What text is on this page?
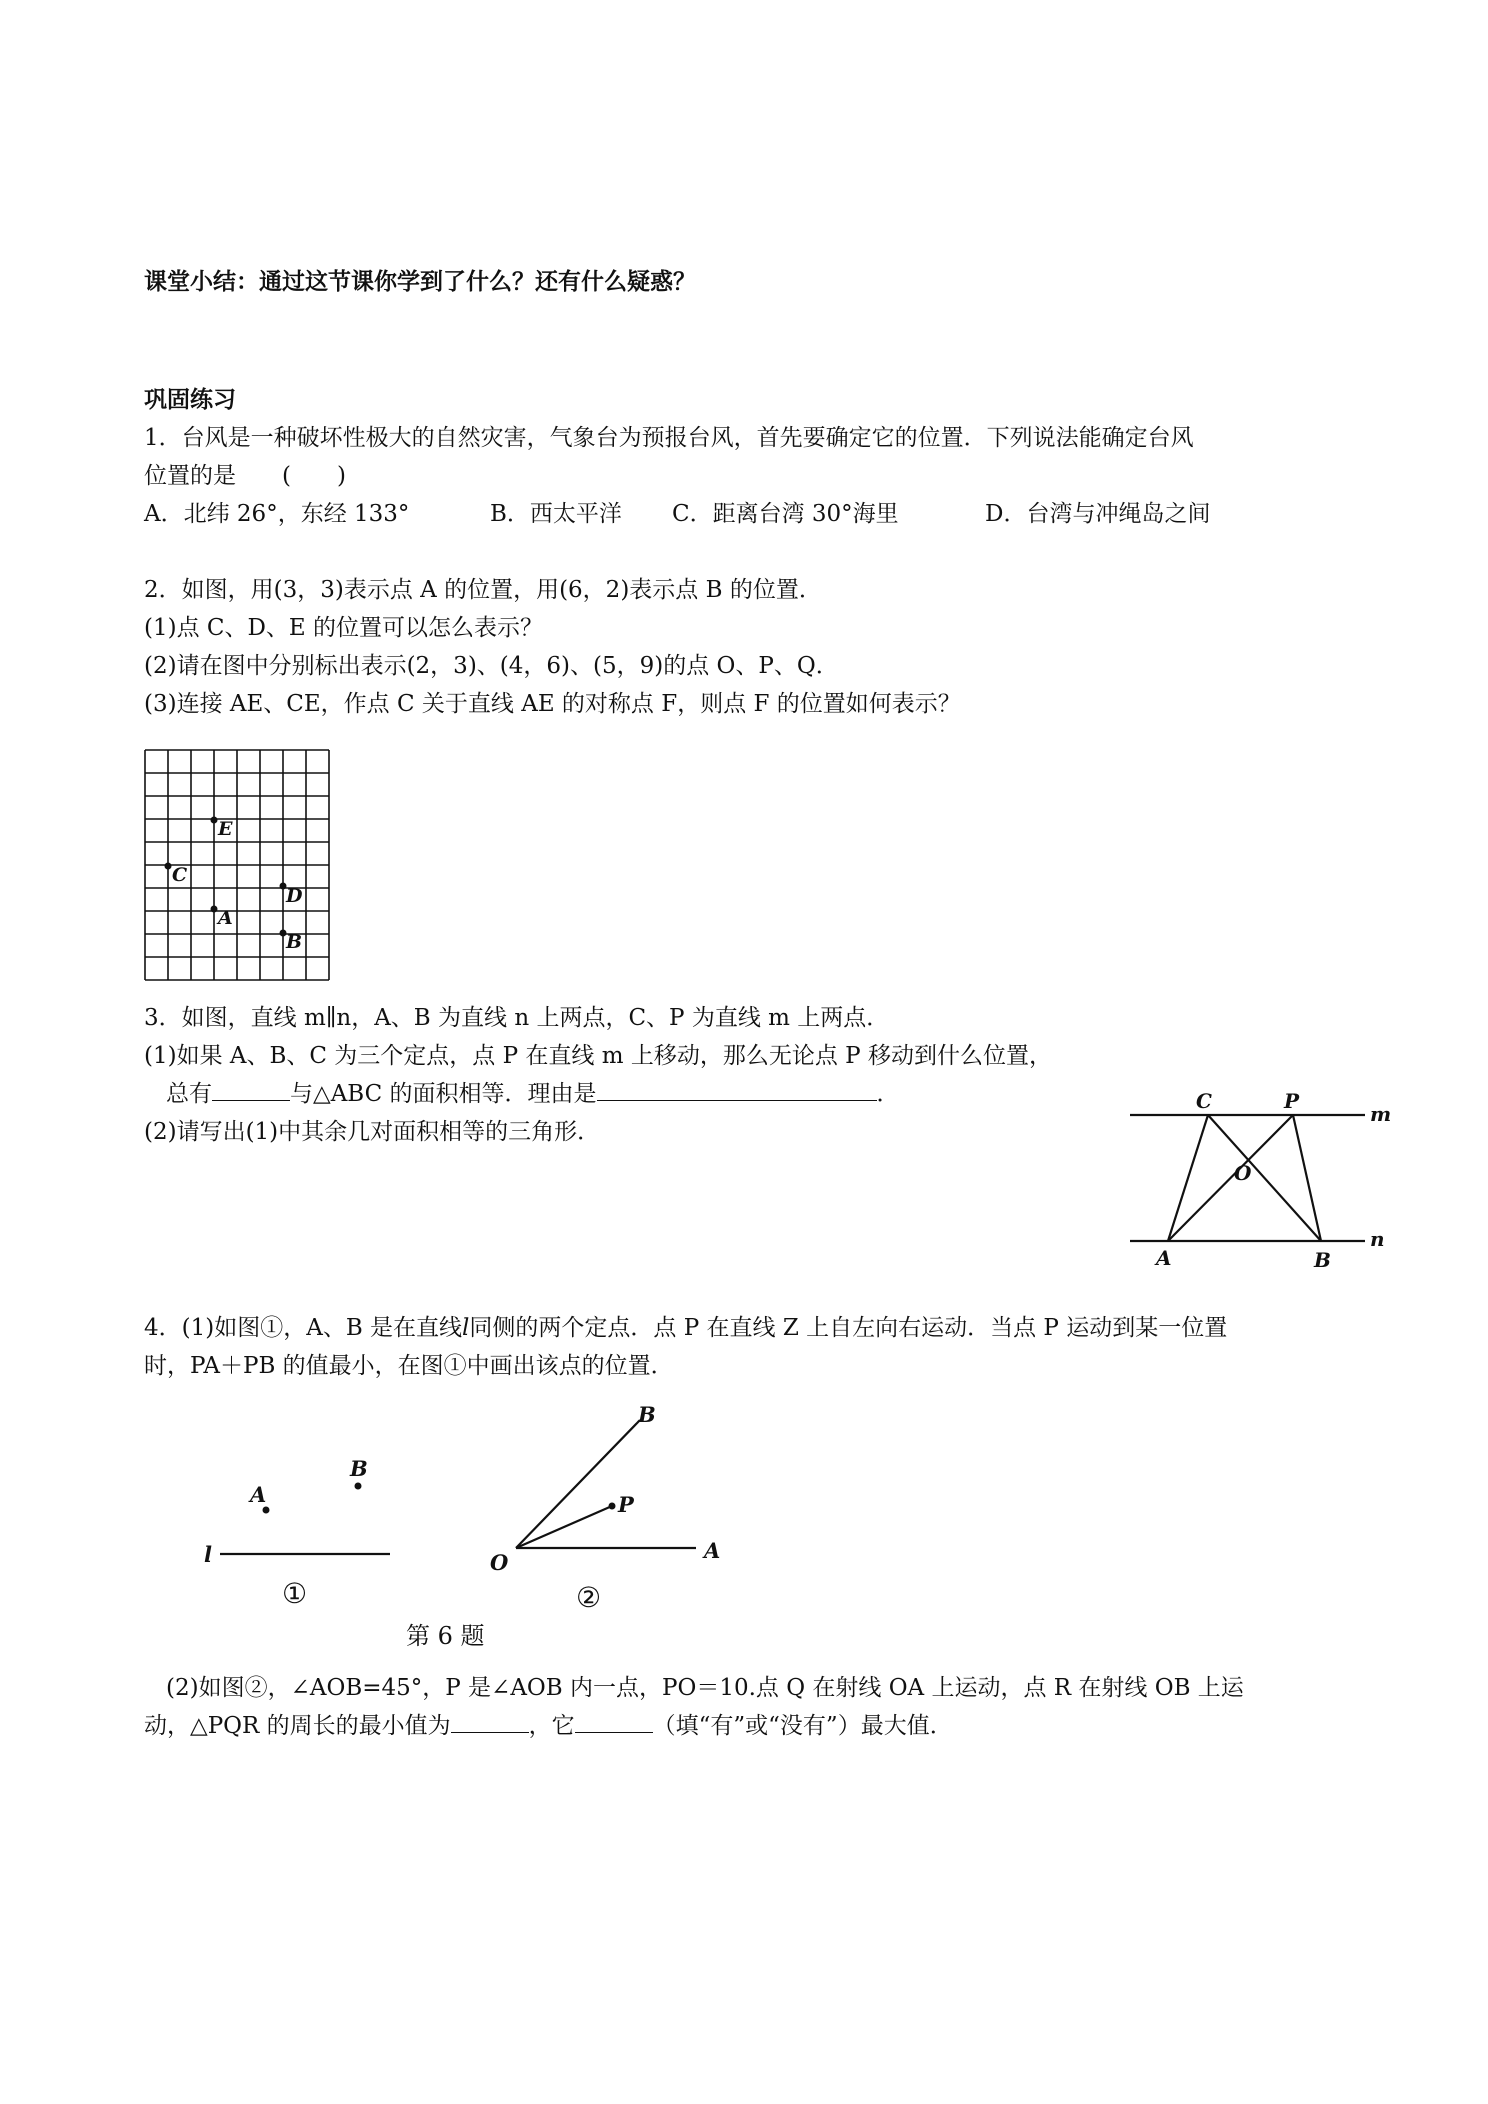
课堂小结：通过这节课你学到了什么？还有什么疑惑？
巩固练习
1．台风是一种破坏性极大的自然灾害，气象台为预报台风，首先要确定它的位置．下列说法能确定台风
位置的是　　(　　)
A．北纬 26°，东经 133°	B．西太平洋 C．距离台湾 30°海里	D．台湾与冲绳岛之间
2．如图，用(3，3)表示点 A 的位置，用(6，2)表示点 B 的位置．
(1)点 C、D、E 的位置可以怎么表示？
(2)请在图中分别标出表示(2，3)、(4，6)、(5，9)的点 O、P、Q．
(3)连接 AE、CE，作点 C 关于直线 AE 的对称点 F，则点 F 的位置如何表示？
E
C
D
A
B
3．如图，直线 m∥n，A、B 为直线 n 上两点，C、P 为直线 m 上两点．
(1)如果 A、B、C 为三个定点，点 P 在直线 m 上移动，那么无论点 P 移动到什么位置，
总有	与△ABC 的面积相等．理由是	．
(2)请写出(1)中其余几对面积相等的三角形．
C	P
m
O
n
A	B
4．(1)如图①，A、B 是在直线l同侧的两个定点．点 P 在直线 Z 上自左向右运动．当点 P 运动到某一位置
时，PA＋PB 的值最小，在图①中画出该点的位置．
A
B
l
①
B
P
O	A
②
第 6 题
(2)如图②，∠AOB=45°，P 是∠AOB 内一点，PO＝10.点 Q 在射线 OA 上运动，点 R 在射线 OB 上运
动，△PQR 的周长的最小值为	，它	（填“有”或“没有”）最大值．
